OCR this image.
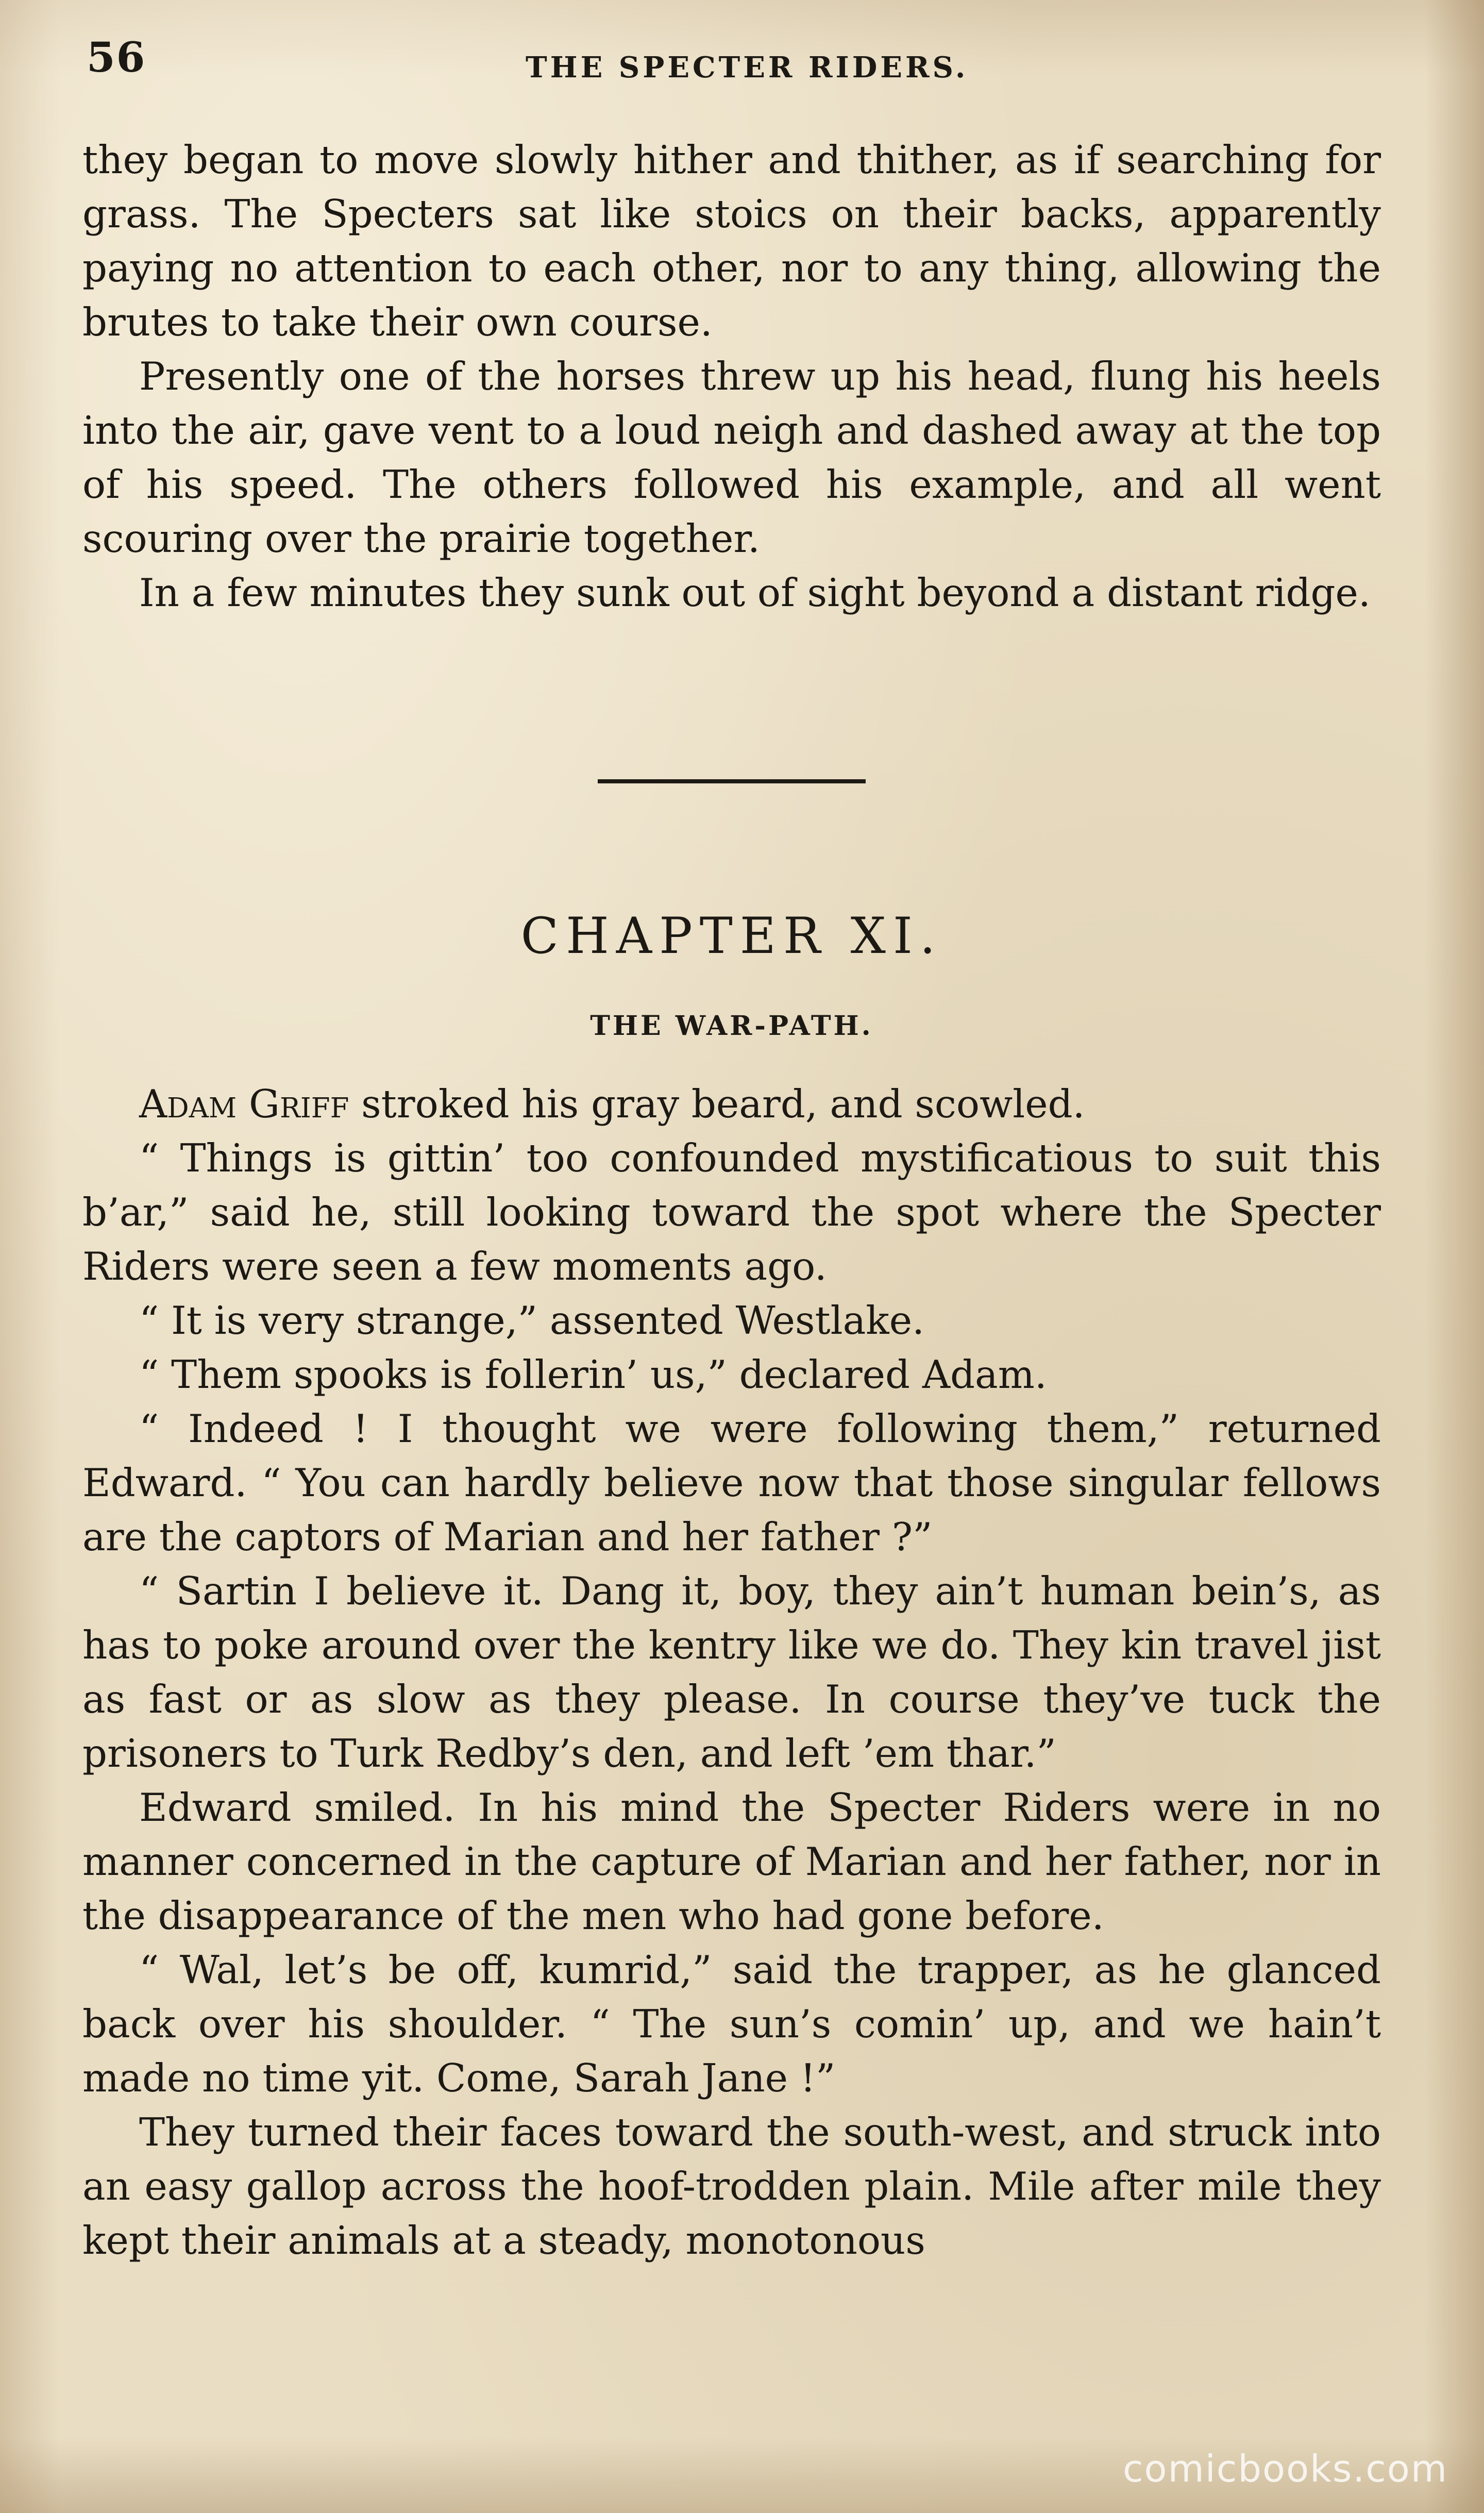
56	THE SPECTER RIDERS.

they began to move slowly hither and thither, as if searching for grass. The Specters sat like stoics on their backs, apparently paying no attention to each other, nor to any thing, allowing the brutes to take their own course.

Presently one of the horses threw up his head, flung his heels into the air, gave vent to a loud neigh and dashed away at the top of his speed. The others followed his example, and all went scouring over the prairie together.

In a few minutes they sunk out of sight beyond a distant ridge.

CHAPTER XI.
THE WAR-PATH.

Adam Griff stroked his gray beard, and scowled.

“ Things is gittin’ too confounded mystificatious to suit this b’ar,” said he, still looking toward the spot where the Specter Riders were seen a few moments ago.

“ It is very strange,” assented Westlake.

“ Them spooks is follerin’ us,” declared Adam.

“ Indeed ! I thought we were following them,” returned Edward. “ You can hardly believe now that those singular fellows are the captors of Marian and her father ?”

“ Sartin I believe it. Dang it, boy, they ain’t human bein’s, as has to poke around over the kentry like we do. They kin travel jist as fast or as slow as they please. In course they’ve tuck the prisoners to Turk Redby’s den, and left ’em thar.”

Edward smiled. In his mind the Specter Riders were in no manner concerned in the capture of Marian and her father, nor in the disappearance of the men who had gone before.

“ Wal, let’s be off, kumrid,” said the trapper, as he glanced back over his shoulder. “ The sun’s comin’ up, and we hain’t made no time yit. Come, Sarah Jane !”

They turned their faces toward the south-west, and struck into an easy gallop across the hoof-trodden plain. Mile after mile they kept their animals at a steady, monotonous

comicbooks.com
